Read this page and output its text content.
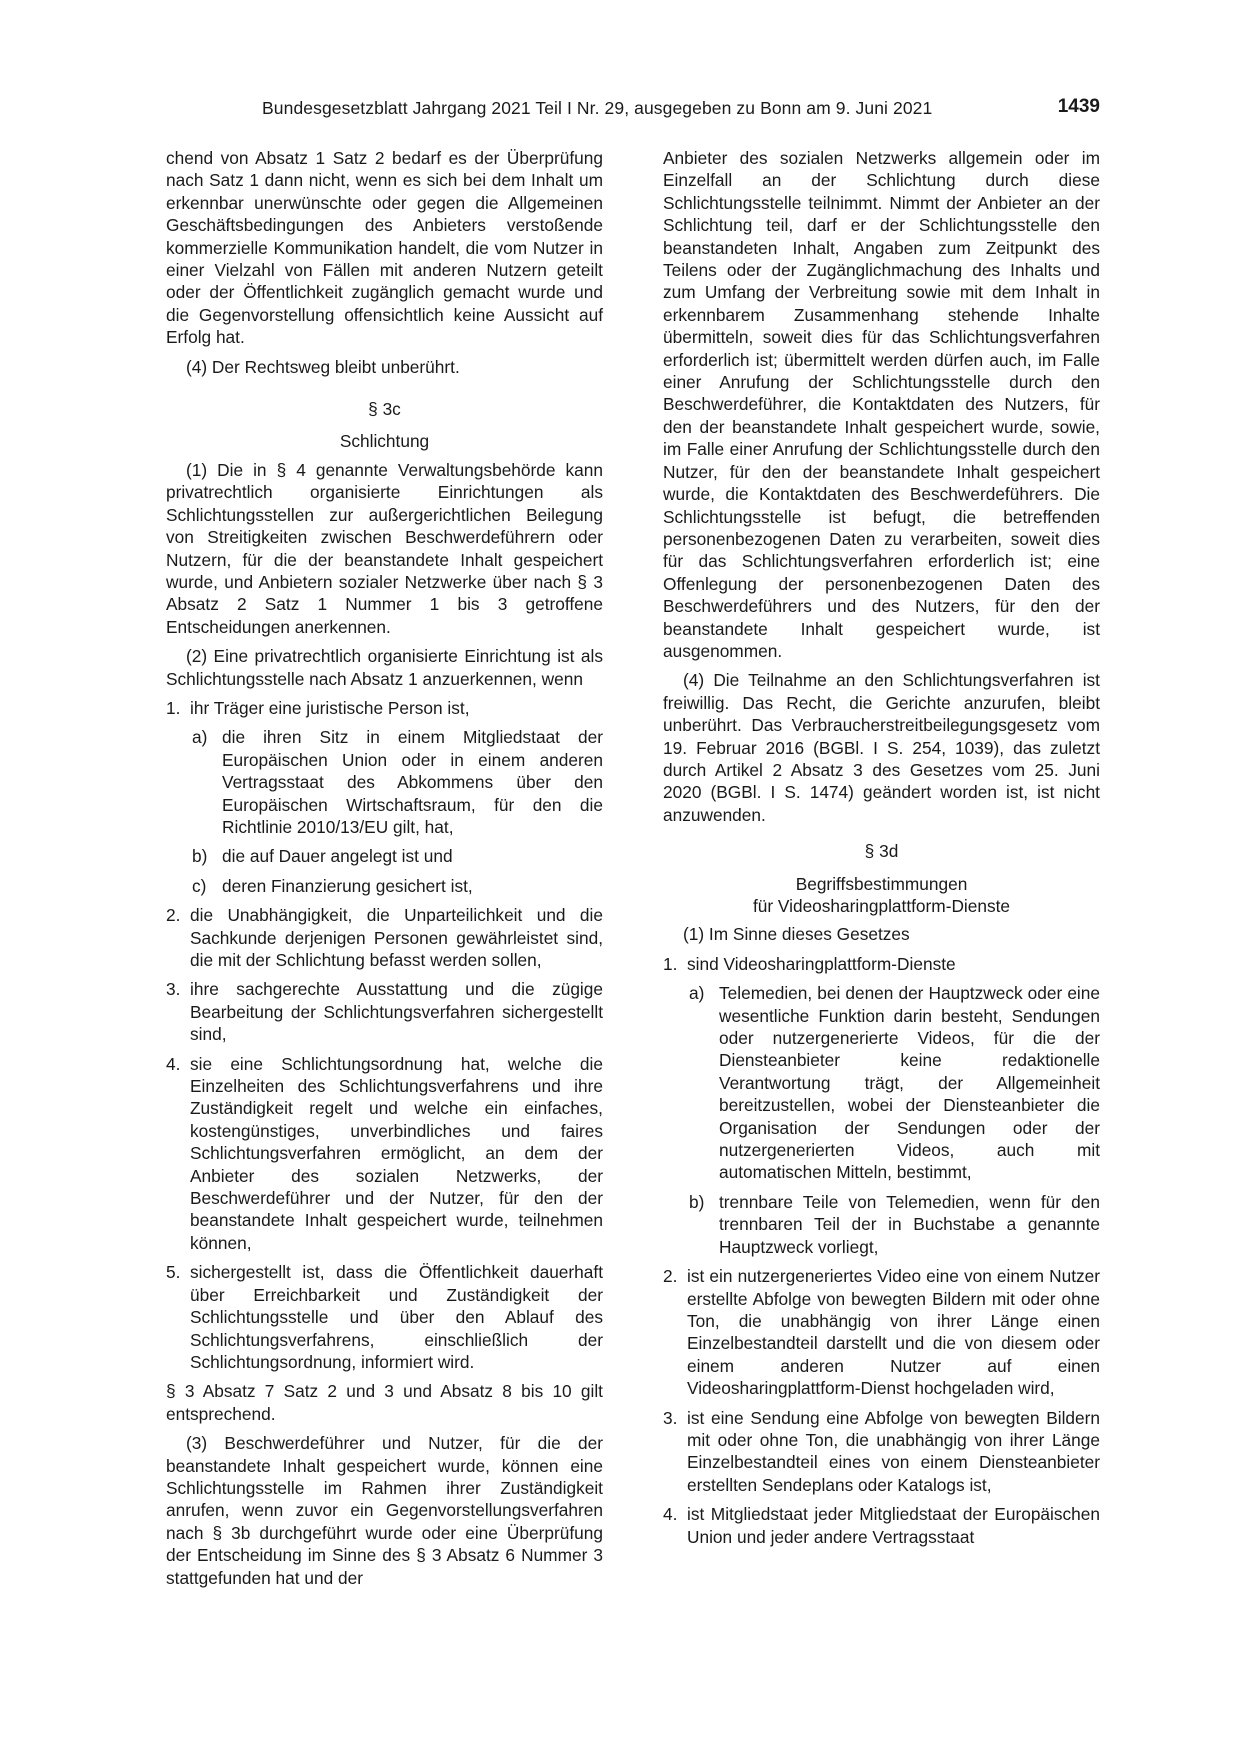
Bundesgesetzblatt Jahrgang 2021 Teil I Nr. 29, ausgegeben zu Bonn am 9. Juni 2021	1439

chend von Absatz 1 Satz 2 bedarf es der Überprüfung nach Satz 1 dann nicht, wenn es sich bei dem Inhalt um erkennbar unerwünschte oder gegen die Allgemeinen Geschäftsbedingungen des Anbieters verstoßende kommerzielle Kommunikation handelt, die vom Nutzer in einer Vielzahl von Fällen mit anderen Nutzern geteilt oder der Öffentlichkeit zugänglich gemacht wurde und die Gegenvorstellung offensichtlich keine Aussicht auf Erfolg hat.

(4) Der Rechtsweg bleibt unberührt.

§ 3c

Schlichtung

(1) Die in § 4 genannte Verwaltungsbehörde kann privatrechtlich organisierte Einrichtungen als Schlichtungsstellen zur außergerichtlichen Beilegung von Streitigkeiten zwischen Beschwerdeführern oder Nutzern, für die der beanstandete Inhalt gespeichert wurde, und Anbietern sozialer Netzwerke über nach § 3 Absatz 2 Satz 1 Nummer 1 bis 3 getroffene Entscheidungen anerkennen.

(2) Eine privatrechtlich organisierte Einrichtung ist als Schlichtungsstelle nach Absatz 1 anzuerkennen, wenn

1. ihr Träger eine juristische Person ist,
a) die ihren Sitz in einem Mitgliedstaat der Europäischen Union oder in einem anderen Vertragsstaat des Abkommens über den Europäischen Wirtschaftsraum, für den die Richtlinie 2010/13/EU gilt, hat,
b) die auf Dauer angelegt ist und
c) deren Finanzierung gesichert ist,
2. die Unabhängigkeit, die Unparteilichkeit und die Sachkunde derjenigen Personen gewährleistet sind, die mit der Schlichtung befasst werden sollen,
3. ihre sachgerechte Ausstattung und die zügige Bearbeitung der Schlichtungsverfahren sichergestellt sind,
4. sie eine Schlichtungsordnung hat, welche die Einzelheiten des Schlichtungsverfahrens und ihre Zuständigkeit regelt und welche ein einfaches, kostengünstiges, unverbindliches und faires Schlichtungsverfahren ermöglicht, an dem der Anbieter des sozialen Netzwerks, der Beschwerdeführer und der Nutzer, für den der beanstandete Inhalt gespeichert wurde, teilnehmen können,
5. sichergestellt ist, dass die Öffentlichkeit dauerhaft über Erreichbarkeit und Zuständigkeit der Schlichtungsstelle und über den Ablauf des Schlichtungsverfahrens, einschließlich der Schlichtungsordnung, informiert wird.

§ 3 Absatz 7 Satz 2 und 3 und Absatz 8 bis 10 gilt entsprechend.

(3) Beschwerdeführer und Nutzer, für die der beanstandete Inhalt gespeichert wurde, können eine Schlichtungsstelle im Rahmen ihrer Zuständigkeit anrufen, wenn zuvor ein Gegenvorstellungsverfahren nach § 3b durchgeführt wurde oder eine Überprüfung der Entscheidung im Sinne des § 3 Absatz 6 Nummer 3 stattgefunden hat und der

Anbieter des sozialen Netzwerks allgemein oder im Einzelfall an der Schlichtung durch diese Schlichtungsstelle teilnimmt. Nimmt der Anbieter an der Schlichtung teil, darf er der Schlichtungsstelle den beanstandeten Inhalt, Angaben zum Zeitpunkt des Teilens oder der Zugänglichmachung des Inhalts und zum Umfang der Verbreitung sowie mit dem Inhalt in erkennbarem Zusammenhang stehende Inhalte übermitteln, soweit dies für das Schlichtungsverfahren erforderlich ist; übermittelt werden dürfen auch, im Falle einer Anrufung der Schlichtungsstelle durch den Beschwerdeführer, die Kontaktdaten des Nutzers, für den der beanstandete Inhalt gespeichert wurde, sowie, im Falle einer Anrufung der Schlichtungsstelle durch den Nutzer, für den der beanstandete Inhalt gespeichert wurde, die Kontaktdaten des Beschwerdeführers. Die Schlichtungsstelle ist befugt, die betreffenden personenbezogenen Daten zu verarbeiten, soweit dies für das Schlichtungsverfahren erforderlich ist; eine Offenlegung der personenbezogenen Daten des Beschwerdeführers und des Nutzers, für den der beanstandete Inhalt gespeichert wurde, ist ausgenommen.

(4) Die Teilnahme an den Schlichtungsverfahren ist freiwillig. Das Recht, die Gerichte anzurufen, bleibt unberührt. Das Verbraucherstreitbeilegungsgesetz vom 19. Februar 2016 (BGBl. I S. 254, 1039), das zuletzt durch Artikel 2 Absatz 3 des Gesetzes vom 25. Juni 2020 (BGBl. I S. 1474) geändert worden ist, ist nicht anzuwenden.

§ 3d

Begriffsbestimmungen

für Videosharingplattform-Dienste

(1) Im Sinne dieses Gesetzes

1. sind Videosharingplattform-Dienste
a) Telemedien, bei denen der Hauptzweck oder eine wesentliche Funktion darin besteht, Sendungen oder nutzergenerierte Videos, für die der Diensteanbieter keine redaktionelle Verantwortung trägt, der Allgemeinheit bereitzustellen, wobei der Diensteanbieter die Organisation der Sendungen oder der nutzergenerierten Videos, auch mit automatischen Mitteln, bestimmt,
b) trennbare Teile von Telemedien, wenn für den trennbaren Teil der in Buchstabe a genannte Hauptzweck vorliegt,
2. ist ein nutzergeneriertes Video eine von einem Nutzer erstellte Abfolge von bewegten Bildern mit oder ohne Ton, die unabhängig von ihrer Länge einen Einzelbestandteil darstellt und die von diesem oder einem anderen Nutzer auf einen Videosharingplattform-Dienst hochgeladen wird,
3. ist eine Sendung eine Abfolge von bewegten Bildern mit oder ohne Ton, die unabhängig von ihrer Länge Einzelbestandteil eines von einem Diensteanbieter erstellten Sendeplans oder Katalogs ist,
4. ist Mitgliedstaat jeder Mitgliedstaat der Europäischen Union und jeder andere Vertragsstaat
